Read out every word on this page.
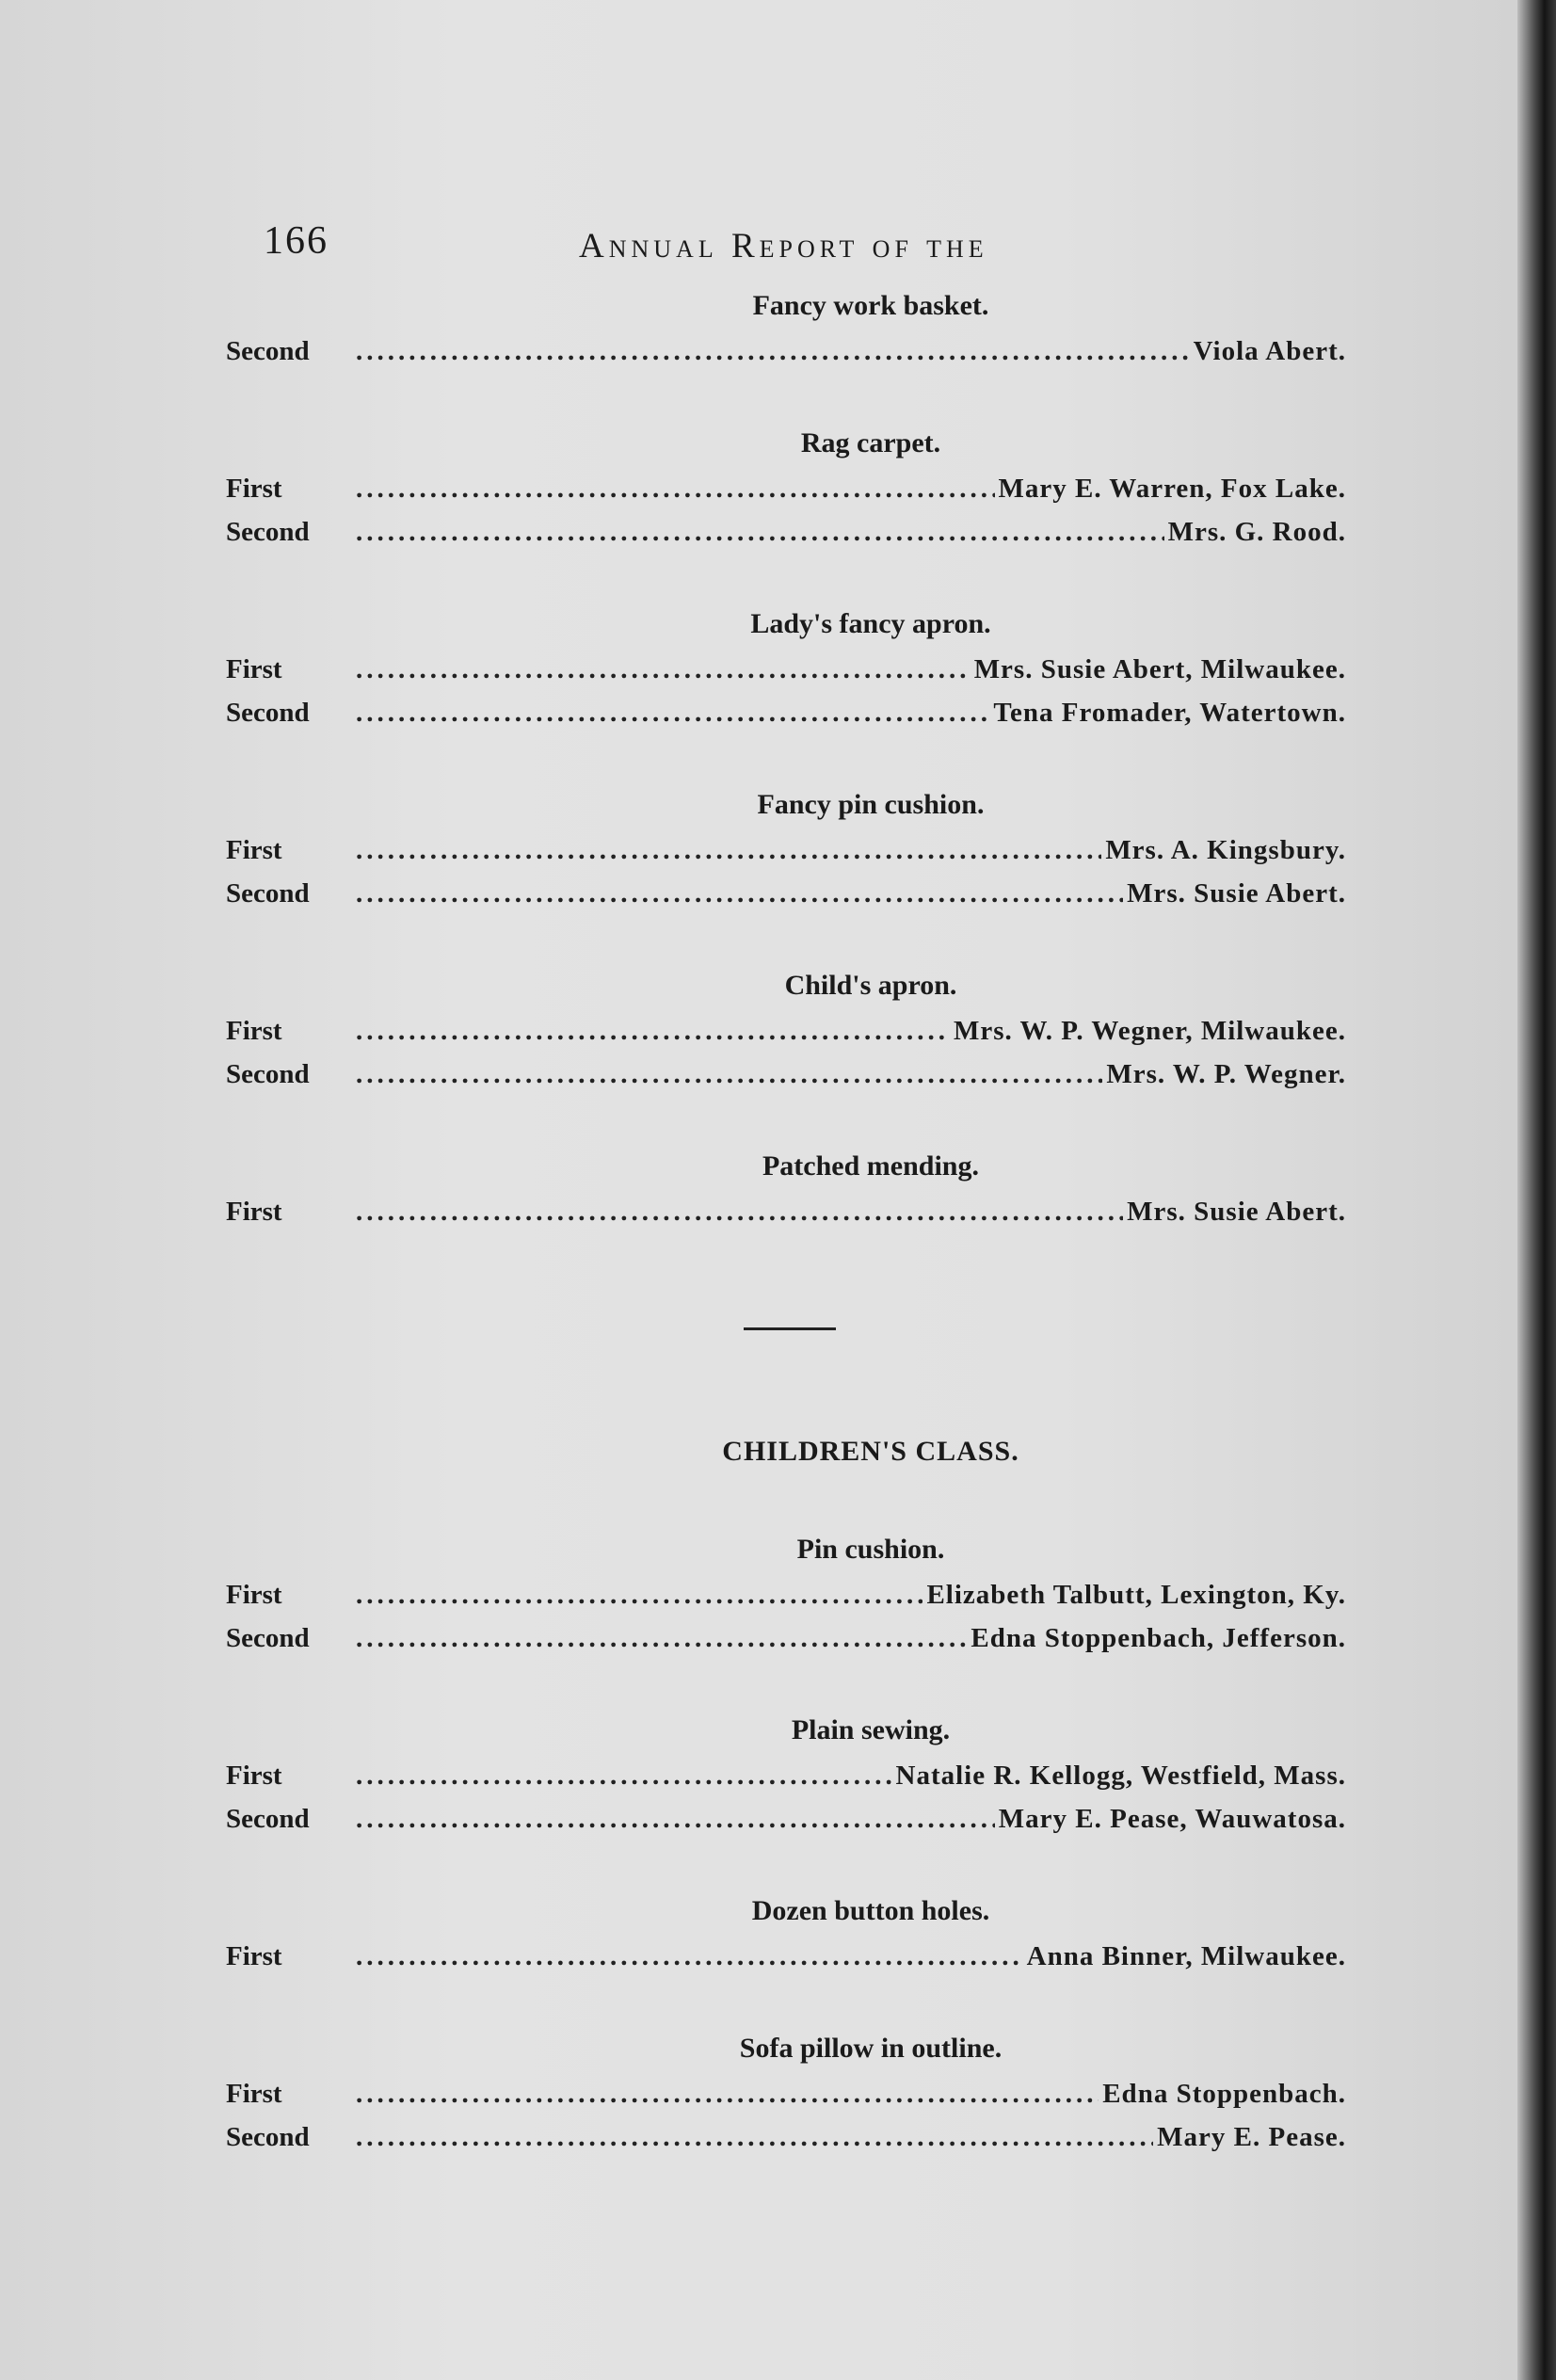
166	Annual Report of the
Fancy work basket.
Second .....	Viola Abert.
Rag carpet.
First .....	Mary E. Warren, Fox Lake.
Second .....	Mrs. G. Rood.
Lady's fancy apron.
First .....	Mrs. Susie Abert, Milwaukee.
Second .....	Tena Fromader, Watertown.
Fancy pin cushion.
First .....	Mrs. A. Kingsbury.
Second .....	Mrs. Susie Abert.
Child's apron.
First .....	Mrs. W. P. Wegner, Milwaukee.
Second .....	Mrs. W. P. Wegner.
Patched mending.
First .....	Mrs. Susie Abert.
CHILDREN'S CLASS.
Pin cushion.
First .....	Elizabeth Talbutt, Lexington, Ky.
Second .....	Edna Stoppenbach, Jefferson.
Plain sewing.
First .....	Natalie R. Kellogg, Westfield, Mass.
Second .....	Mary E. Pease, Wauwatosa.
Dozen button holes.
First .....	Anna Binner, Milwaukee.
Sofa pillow in outline.
First .....	Edna Stoppenbach.
Second .....	Mary E. Pease.
